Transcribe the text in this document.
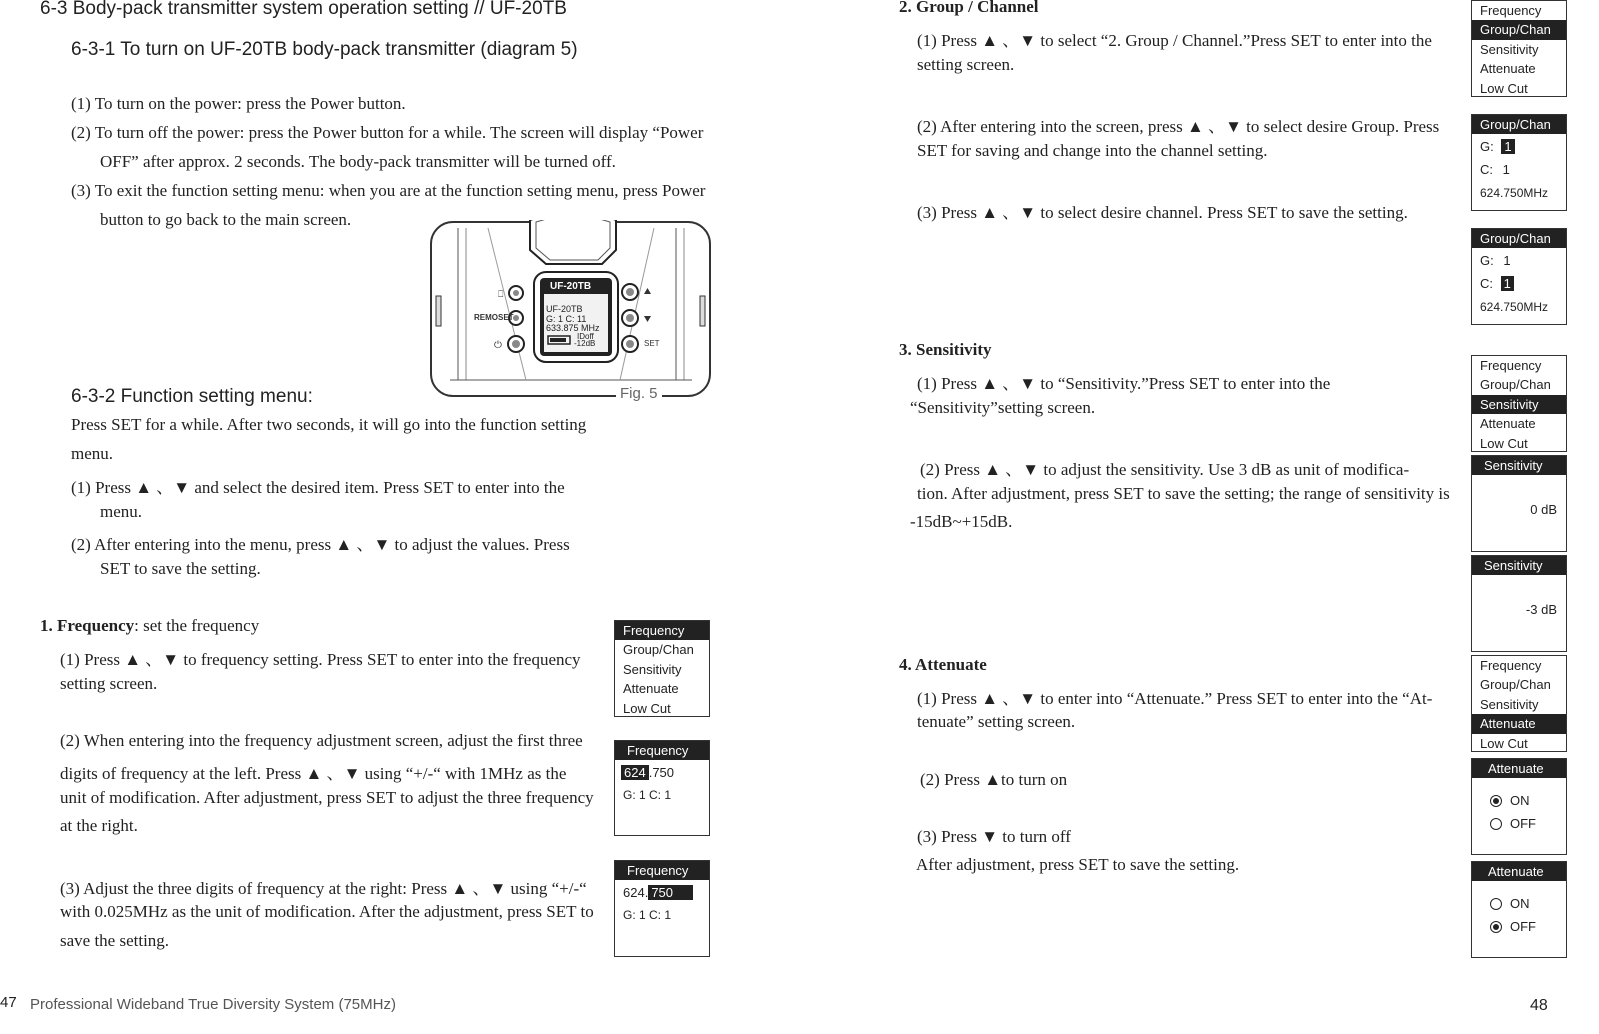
6-3 Body-pack transmitter system operation setting // UF-20TB
6-3-1 To turn on UF-20TB body-pack transmitter (diagram 5)
(1) To turn on the power: press the Power button.
(2) To turn off the power: press the Power button for a while. The screen will display “Power
OFF” after approx. 2 seconds. The body-pack transmitter will be turned off.
(3) To exit the function setting menu: when you are at the function setting menu, press Power
button to go back to the main screen.
⏻
⎕
UF-20TB
UF-20TB
G: 1 C: 11
633.875 MHz
IDoff
-12dB
REMOSET
SET
Fig. 5
6-3-2 Function setting menu:
Press SET for a while. After two seconds, it will go into the function setting
menu.
(1) Press ▲ 、▼ and select the desired item. Press SET to enter into the
menu.
(2) After entering into the menu, press ▲ 、▼ to adjust the values. Press
SET to save the setting.
1. Frequency: set the frequency
(1) Press ▲ 、▼ to frequency setting. Press SET to enter into the frequency
setting screen.
(2) When entering into the frequency adjustment screen, adjust the first three
digits of frequency at the left. Press ▲ 、▼ using “+/-“ with 1MHz as the
unit of modification. After adjustment, press SET to adjust the three frequency
at the right.
(3) Adjust the three digits of frequency at the right: Press ▲ 、▼ using “+/-“
with 0.025MHz as the unit of modification. After the adjustment, press SET to
save the setting.
Frequency
Group/Chan
Sensitivity
Attenuate
Low Cut
Frequency
624 .750
G: 1 C: 1
Frequency
624. 750
G: 1 C: 1
47 Professional Wideband True Diversity System (75MHz)
2. Group / Channel
(1) Press ▲ 、▼ to select “2. Group / Channel.”Press SET to enter into the
setting screen.
(2) After entering into the screen, press ▲ 、▼ to select desire Group. Press
SET for saving and change into the channel setting.
(3) Press ▲ 、▼ to select desire channel. Press SET to save the setting.
3. Sensitivity
(1) Press ▲ 、▼ to “Sensitivity.”Press SET to enter into the
“Sensitivity”setting screen.
(2) Press ▲ 、▼ to adjust the sensitivity. Use 3 dB as unit of modifica-
tion. After adjustment, press SET to save the setting; the range of sensitivity is
-15dB~+15dB.
4. Attenuate
(1) Press ▲ 、▼ to enter into “Attenuate.” Press SET to enter into the “At-
tenuate” setting screen.
(2) Press ▲to turn on
(3) Press ▼ to turn off
After adjustment, press SET to save the setting.
Frequency
Group/Chan
Sensitivity
Attenuate
Low Cut
Group/Chan
G: 1
C: 1
624.750MHz
Group/Chan
G: 1
C: 1
624.750MHz
Frequency
Group/Chan
Sensitivity
Attenuate
Low Cut
Sensitivity
0 dB
Sensitivity
-3 dB
Frequency
Group/Chan
Sensitivity
Attenuate
Low Cut
Attenuate
ON
OFF
Attenuate
ON
OFF
48
